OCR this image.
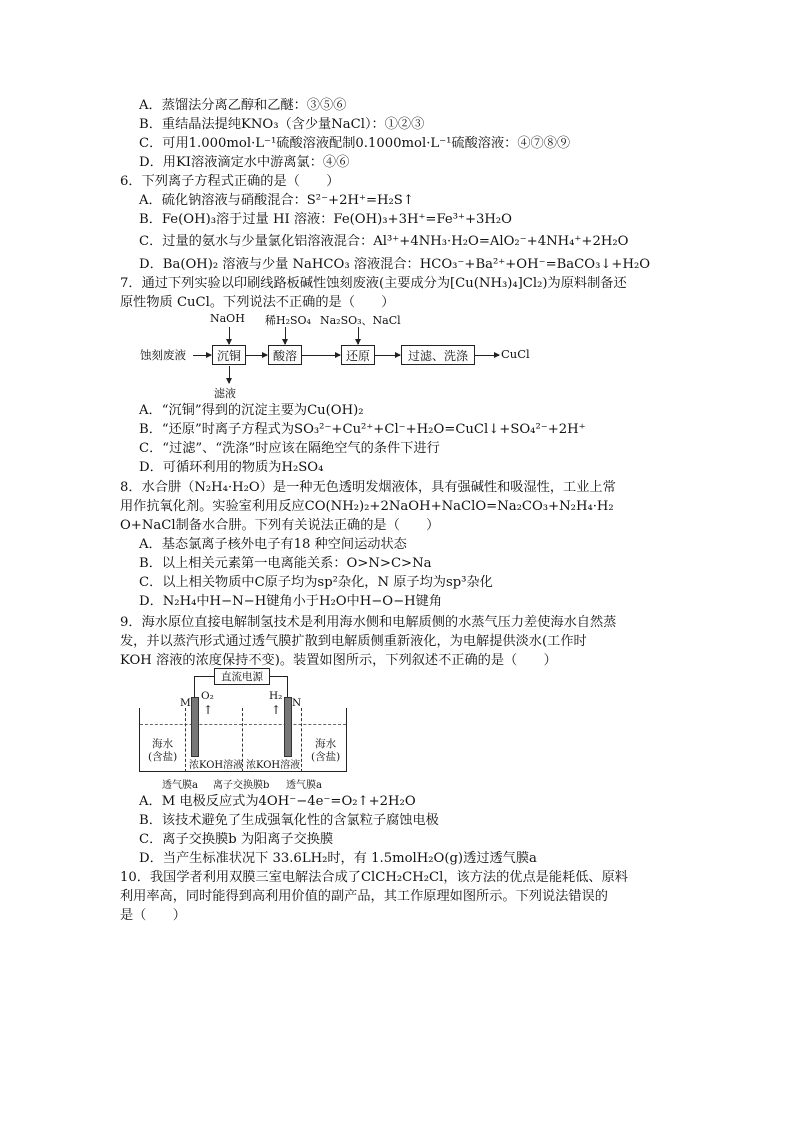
A．蒸馏法分离乙醇和乙醚：③⑤⑥
B．重结晶法提纯KNO₃（含少量NaCl）：①②③
C．可用1.000mol·L⁻¹硫酸溶液配制0.1000mol·L⁻¹硫酸溶液：④⑦⑧⑨
D．用KI溶液滴定水中游离氯：④⑥
6．下列离子方程式正确的是（　　）
A．硫化钠溶液与硝酸混合：S²⁻+2H⁺=H₂S↑
B．Fe(OH)₃溶于过量 HI 溶液：Fe(OH)₃+3H⁺=Fe³⁺+3H₂O
C．过量的氨水与少量氯化铝溶液混合：Al³⁺+4NH₃·H₂O=AlO₂⁻+4NH₄⁺+2H₂O
D．Ba(OH)₂ 溶液与少量 NaHCO₃ 溶液混合：HCO₃⁻+Ba²⁺+OH⁻=BaCO₃↓+H₂O
7．通过下列实验以印刷线路板碱性蚀刻废液(主要成分为[Cu(NH₃)₄]Cl₂)为原料制备还
原性物质 CuCl。下列说法不正确的是（　　）
蚀刻废液	沉铜	酸溶	还原	过滤、洗涤	CuCl
NaOH 稀H₂SO₄ Na₂SO₃、NaCl
滤液
A．“沉铜”得到的沉淀主要为Cu(OH)₂
B．“还原”时离子方程式为SO₃²⁻+Cu²⁺+Cl⁻+H₂O=CuCl↓+SO₄²⁻+2H⁺
C．“过滤”、“洗涤”时应该在隔绝空气的条件下进行
D．可循环利用的物质为H₂SO₄
8．水合肼（N₂H₄·H₂O）是一种无色透明发烟液体，具有强碱性和吸湿性，工业上常
用作抗氧化剂。实验室利用反应CO(NH₂)₂+2NaOH+NaClO=Na₂CO₃+N₂H₄·H₂
O+NaCl制备水合肼。下列有关说法正确的是（　　）
A．基态氯离子核外电子有18 种空间运动状态
B．以上相关元素第一电离能关系：O>N>C>Na
C．以上相关物质中C原子均为sp²杂化，N 原子均为sp³杂化
D．N₂H₄中H−N−H键角小于H₂O中H−O−H键角
9．海水原位直接电解制氢技术是利用海水侧和电解质侧的水蒸气压力差使海水自然蒸
发，并以蒸汽形式通过透气膜扩散到电解质侧重新液化，为电解提供淡水(工作时
KOH 溶液的浓度保持不变)。装置如图所示，下列叙述不正确的是（　　）
直流电源
M	N
O₂	H₂
↑	↑
海水
(含盐)
海水
(含盐)
浓KOH溶液 浓KOH溶液
透气膜a 离子交换膜b 透气膜a
A．M 电极反应式为4OH⁻−4e⁻=O₂↑+2H₂O
B．该技术避免了生成强氧化性的含氯粒子腐蚀电极
C．离子交换膜b 为阳离子交换膜
D．当产生标准状况下 33.6LH₂时，有 1.5molH₂O(g)透过透气膜a
10．我国学者利用双膜三室电解法合成了ClCH₂CH₂Cl，该方法的优点是能耗低、原料
利用率高，同时能得到高利用价值的副产品，其工作原理如图所示。下列说法错误的
是（　　）
